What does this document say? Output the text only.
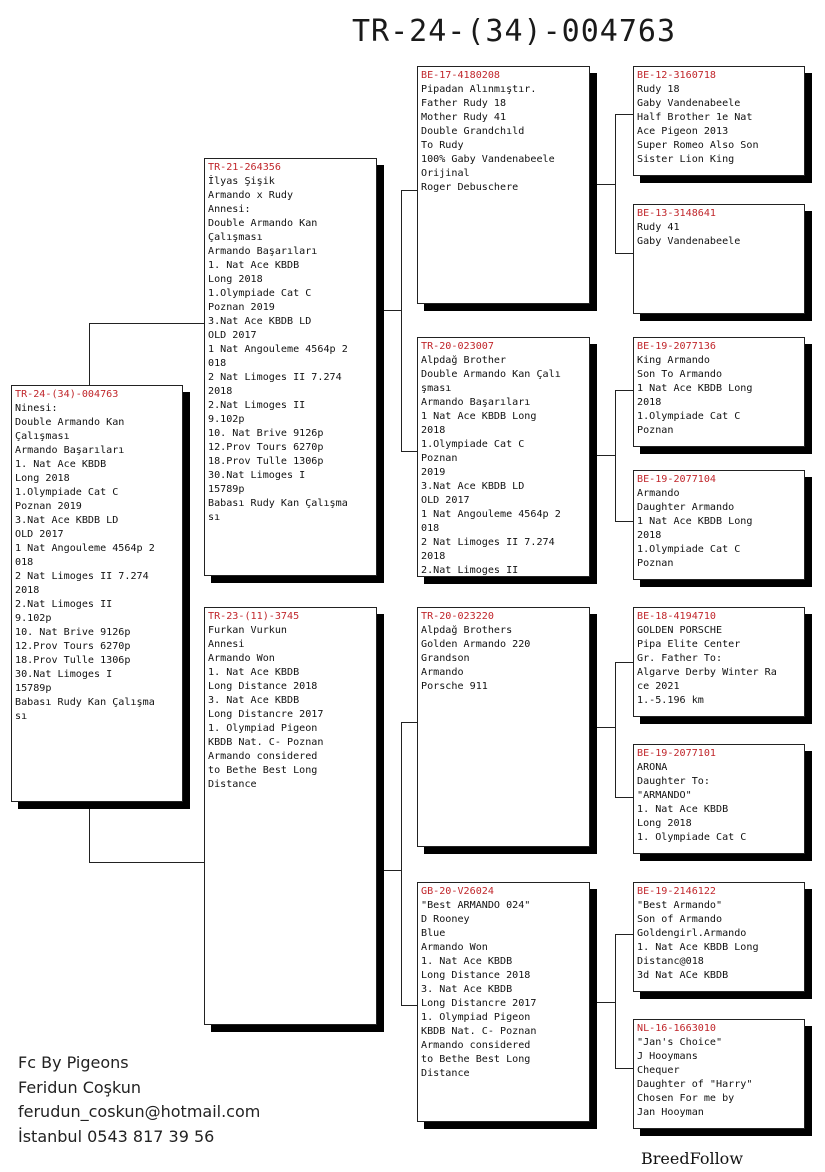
TR-24-(34)-004763
TR-24-(34)-004763
Ninesi:
Double Armando Kan
Çalışması
Armando Başarıları
1. Nat Ace KBDB
Long 2018
1.Olympiade Cat C
Poznan 2019
3.Nat Ace KBDB LD
OLD 2017
1 Nat Angouleme 4564p 2
018
2 Nat Limoges II 7.274
2018
2.Nat Limoges II
9.102p
10. Nat Brive 9126p
12.Prov Tours 6270p
18.Prov Tulle 1306p
30.Nat Limoges I
15789p
Babası Rudy Kan Çalışma
sı
TR-21-264356
İlyas Şişik
Armando x Rudy
Annesi:
Double Armando Kan
Çalışması
Armando Başarıları
1. Nat Ace KBDB
Long 2018
1.Olympiade Cat C
Poznan 2019
3.Nat Ace KBDB LD
OLD 2017
1 Nat Angouleme 4564p 2
018
2 Nat Limoges II 7.274
2018
2.Nat Limoges II
9.102p
10. Nat Brive 9126p
12.Prov Tours 6270p
18.Prov Tulle 1306p
30.Nat Limoges I
15789p
Babası Rudy Kan Çalışma
sı
TR-23-(11)-3745
Furkan Vurkun
Annesi
Armando Won
1. Nat Ace KBDB
Long Distance 2018
3. Nat Ace KBDB
Long Distancre 2017
1. Olympiad Pigeon
KBDB Nat. C- Poznan
Armando considered
to Bethe Best Long
Distance
BE-17-4180208
Pipadan Alınmıştır.
Father Rudy 18
Mother Rudy 41
Double Grandchıld
To Rudy
100% Gaby Vandenabeele
Orijinal
Roger Debuschere
TR-20-023007
Alpdağ Brother
Double Armando Kan Çalı
şması
Armando Başarıları
1 Nat Ace KBDB Long
2018
1.Olympiade Cat C
Poznan
2019
3.Nat Ace KBDB LD
OLD 2017
1 Nat Angouleme 4564p 2
018
2 Nat Limoges II 7.274
2018
2.Nat Limoges II
TR-20-023220
Alpdağ Brothers
Golden Armando 220
Grandson
Armando
Porsche 911
GB-20-V26024
"Best ARMANDO 024"
D Rooney
Blue
Armando Won
1. Nat Ace KBDB
Long Distance 2018
3. Nat Ace KBDB
Long Distancre 2017
1. Olympiad Pigeon
KBDB Nat. C- Poznan
Armando considered
to Bethe Best Long
Distance
BE-12-3160718
Rudy 18
Gaby Vandenabeele
Half Brother 1e Nat
Ace Pigeon 2013
Super Romeo Also Son
Sister Lion King
BE-13-3148641
Rudy 41
Gaby Vandenabeele
BE-19-2077136
King Armando
Son To Armando
1 Nat Ace KBDB Long
2018
1.Olympiade Cat C
Poznan
BE-19-2077104
Armando
Daughter Armando
1 Nat Ace KBDB Long
2018
1.Olympiade Cat C
Poznan
BE-18-4194710
GOLDEN PORSCHE
Pipa Elite Center
Gr. Father To:
Algarve Derby Winter Ra
ce 2021
1.-5.196 km
BE-19-2077101
ARONA
Daughter To:
"ARMANDO"
1. Nat Ace KBDB
Long 2018
1. Olympiade Cat C
BE-19-2146122
"Best Armando"
Son of Armando
Goldengirl.Armando
1. Nat Ace KBDB Long
Distanc@018
3d Nat ACe KBDB
NL-16-1663010
"Jan's Choice"
J Hooymans
Chequer
Daughter of "Harry"
Chosen For me by
Jan Hooyman
Fc By Pigeons
Feridun Coşkun
ferudun_coskun@hotmail.com
İstanbul 0543 817 39 56
BreedFollow
